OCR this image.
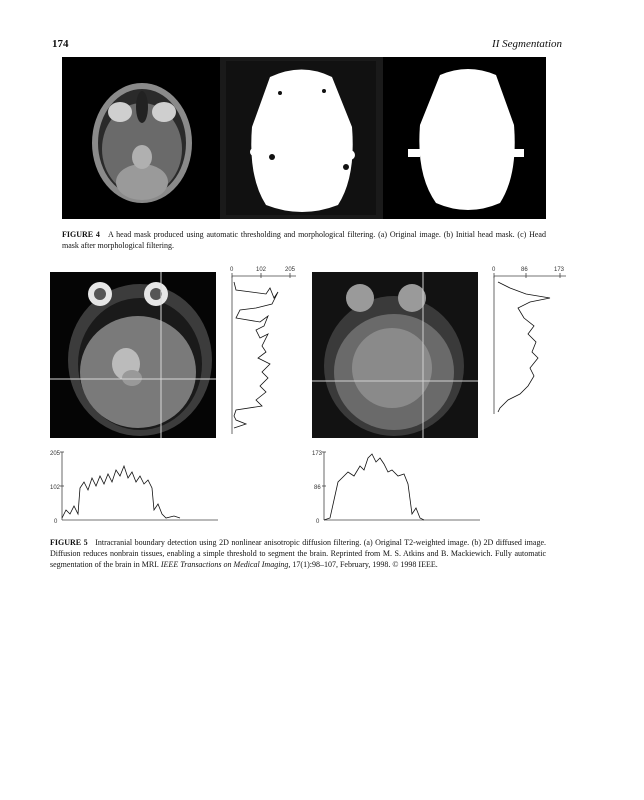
174	II Segmentation

FIGURE 4 A head mask produced using automatic thresholding and morphological filtering. (a) Original image. (b) Initial head mask. (c) Head mask after morphological filtering.

0	102	205
205
102
0
0	86	173
173
86
0

FIGURE 5 Intracranial boundary detection using 2D nonlinear anisotropic diffusion filtering. (a) Original T2-weighted image. (b) 2D diffused image. Diffusion reduces nonbrain tissues, enabling a simple threshold to segment the brain. Reprinted from M. S. Atkins and B. Mackiewich. Fully automatic segmentation of the brain in MRI. IEEE Transactions on Medical Imaging, 17(1):98–107, February, 1998. © 1998 IEEE.
